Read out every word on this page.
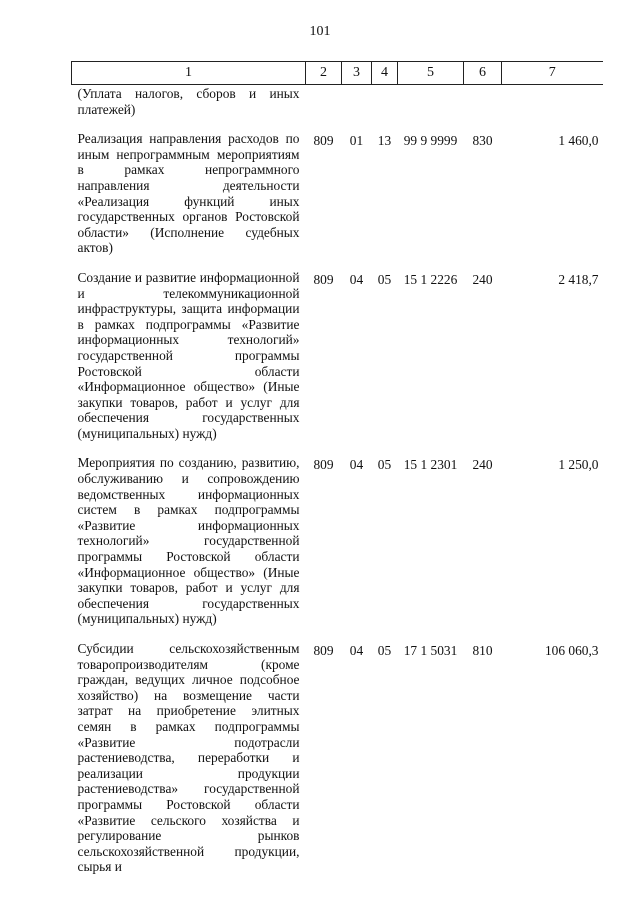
101
1	2	3	4	5	6	7
(Уплата налогов, сборов и иных платежей)						
Реализация направления расходов по иным непрограммным мероприятиям в рамках непрограммного направления деятельности «Реализация функций иных государственных органов Ростовской области» (Исполнение судебных актов)	809	01	13	99 9 9999	830	1 460,0
Создание и развитие информационной и телекоммуникационной инфраструктуры, защита информации в рамках подпрограммы «Развитие информационных технологий» государственной программы Ростовской области «Информационное общество» (Иные закупки товаров, работ и услуг для обеспечения государственных (муниципальных) нужд)	809	04	05	15 1 2226	240	2 418,7
Мероприятия по созданию, развитию, обслуживанию и сопровождению ведомственных информационных систем в рамках подпрограммы «Развитие информационных технологий» государственной программы Ростовской области «Информационное общество» (Иные закупки товаров, работ и услуг для обеспечения государственных (муниципальных) нужд)	809	04	05	15 1 2301	240	1 250,0
Субсидии сельскохозяйственным товаропроизводителям (кроме граждан, ведущих личное подсобное хозяйство) на возмещение части затрат на приобретение элитных семян в рамках подпрограммы «Развитие подотрасли растениеводства, переработки и реализации продукции растениеводства» государственной программы Ростовской области «Развитие сельского хозяйства и регулирование рынков сельскохозяйственной продукции, сырья и	809	04	05	17 1 5031	810	106 060,3
